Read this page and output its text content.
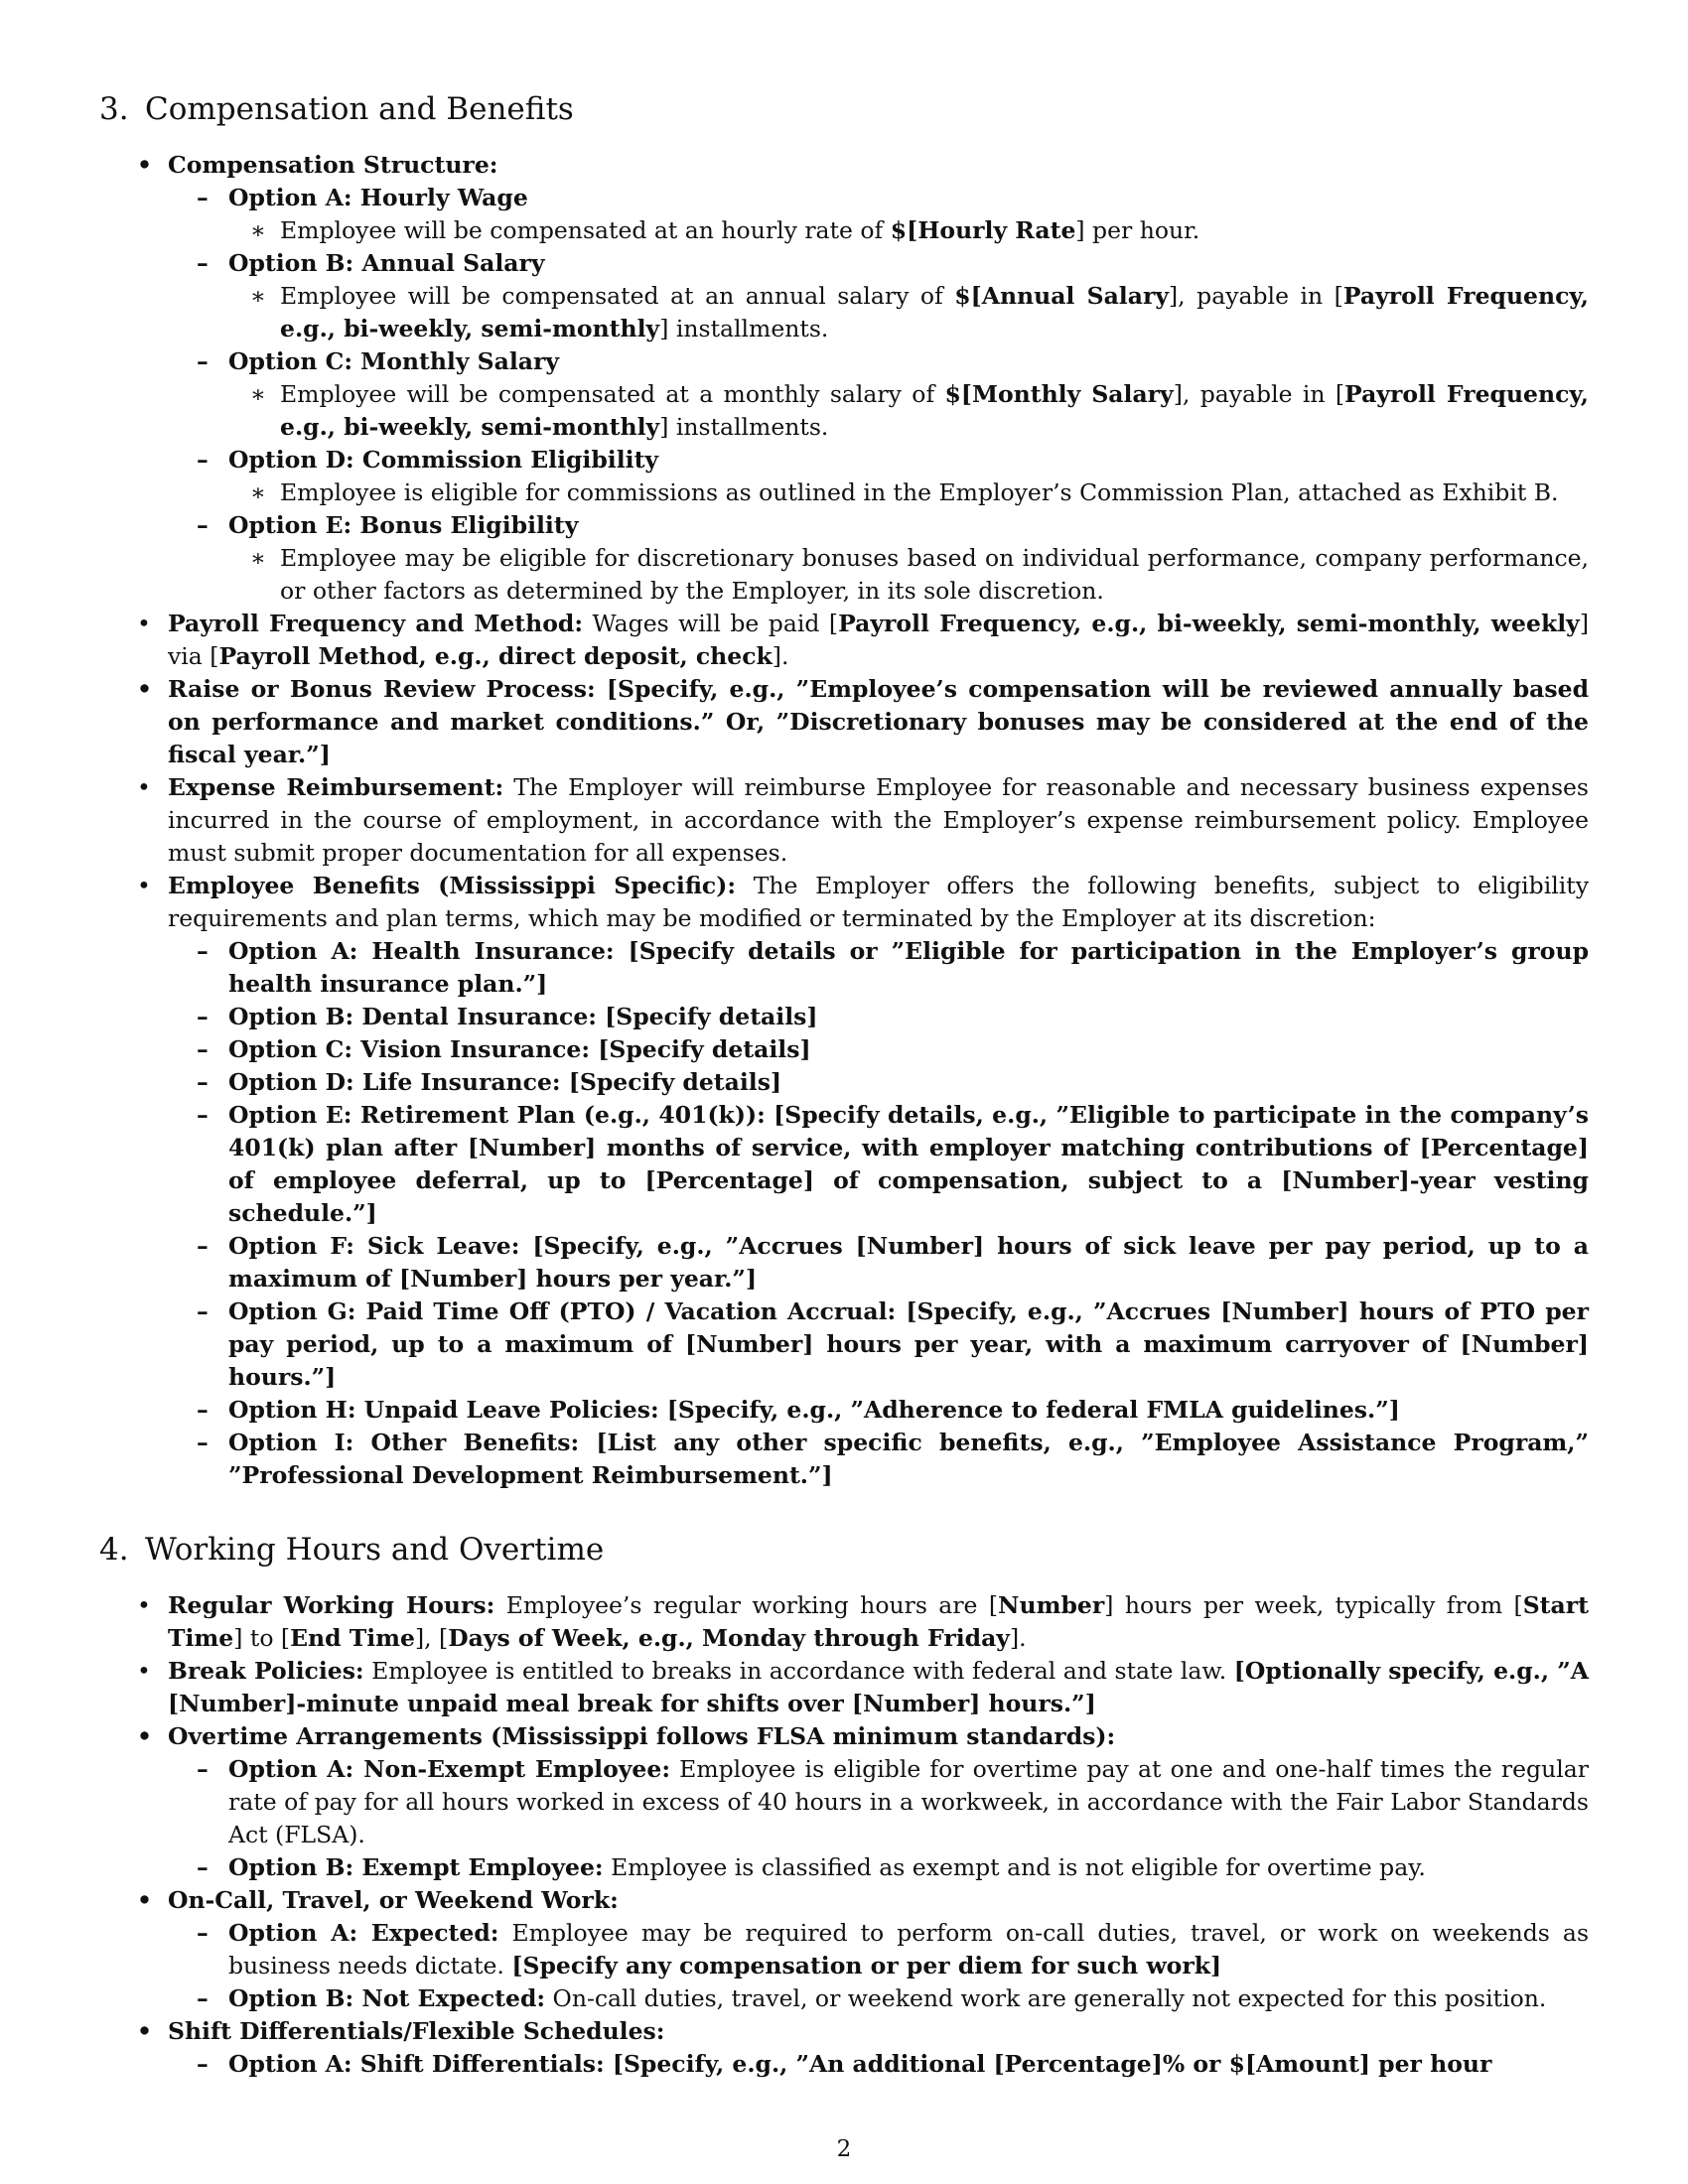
3. Compensation and Benefits
• Compensation Structure:
– Option A: Hourly Wage
∗ Employee will be compensated at an hourly rate of $[Hourly Rate] per hour.
– Option B: Annual Salary
∗ Employee will be compensated at an annual salary of $[Annual Salary], payable in [Payroll Frequency, e.g., bi-weekly, semi-monthly] installments.
– Option C: Monthly Salary
∗ Employee will be compensated at a monthly salary of $[Monthly Salary], payable in [Payroll Frequency, e.g., bi-weekly, semi-monthly] installments.
– Option D: Commission Eligibility
∗ Employee is eligible for commissions as outlined in the Employer’s Commission Plan, attached as Exhibit B.
– Option E: Bonus Eligibility
∗ Employee may be eligible for discretionary bonuses based on individual performance, company performance, or other factors as determined by the Employer, in its sole discretion.
• Payroll Frequency and Method: Wages will be paid [Payroll Frequency, e.g., bi-weekly, semi-monthly, weekly] via [Payroll Method, e.g., direct deposit, check].
• Raise or Bonus Review Process: [Specify, e.g., ”Employee’s compensation will be reviewed annually based on performance and market conditions.” Or, ”Discretionary bonuses may be considered at the end of the fiscal year.”]
• Expense Reimbursement: The Employer will reimburse Employee for reasonable and necessary business expenses incurred in the course of employment, in accordance with the Employer’s expense reimbursement policy. Employee must submit proper documentation for all expenses.
• Employee Benefits (Mississippi Specific): The Employer offers the following benefits, subject to eligibility requirements and plan terms, which may be modified or terminated by the Employer at its discretion:
– Option A: Health Insurance: [Specify details or ”Eligible for participation in the Employer’s group health insurance plan.”]
– Option B: Dental Insurance: [Specify details]
– Option C: Vision Insurance: [Specify details]
– Option D: Life Insurance: [Specify details]
– Option E: Retirement Plan (e.g., 401(k)): [Specify details, e.g., ”Eligible to participate in the company’s 401(k) plan after [Number] months of service, with employer matching contributions of [Percentage] of employee deferral, up to [Percentage] of compensation, subject to a [Number]-year vesting schedule.”]
– Option F: Sick Leave: [Specify, e.g., ”Accrues [Number] hours of sick leave per pay period, up to a maximum of [Number] hours per year.”]
– Option G: Paid Time Off (PTO) / Vacation Accrual: [Specify, e.g., ”Accrues [Number] hours of PTO per pay period, up to a maximum of [Number] hours per year, with a maximum carryover of [Number] hours.”]
– Option H: Unpaid Leave Policies: [Specify, e.g., ”Adherence to federal FMLA guidelines.”]
– Option I: Other Benefits: [List any other specific benefits, e.g., ”Employee Assistance Program,” ”Professional Development Reimbursement.”]
4. Working Hours and Overtime
• Regular Working Hours: Employee’s regular working hours are [Number] hours per week, typically from [Start Time] to [End Time], [Days of Week, e.g., Monday through Friday].
• Break Policies: Employee is entitled to breaks in accordance with federal and state law. [Optionally specify, e.g., ”A [Number]-minute unpaid meal break for shifts over [Number] hours.”]
• Overtime Arrangements (Mississippi follows FLSA minimum standards):
– Option A: Non-Exempt Employee: Employee is eligible for overtime pay at one and one-half times the regular rate of pay for all hours worked in excess of 40 hours in a workweek, in accordance with the Fair Labor Standards Act (FLSA).
– Option B: Exempt Employee: Employee is classified as exempt and is not eligible for overtime pay.
• On-Call, Travel, or Weekend Work:
– Option A: Expected: Employee may be required to perform on-call duties, travel, or work on weekends as business needs dictate. [Specify any compensation or per diem for such work]
– Option B: Not Expected: On-call duties, travel, or weekend work are generally not expected for this position.
• Shift Differentials/Flexible Schedules:
– Option A: Shift Differentials: [Specify, e.g., ”An additional [Percentage]% or $[Amount] per hour
2
